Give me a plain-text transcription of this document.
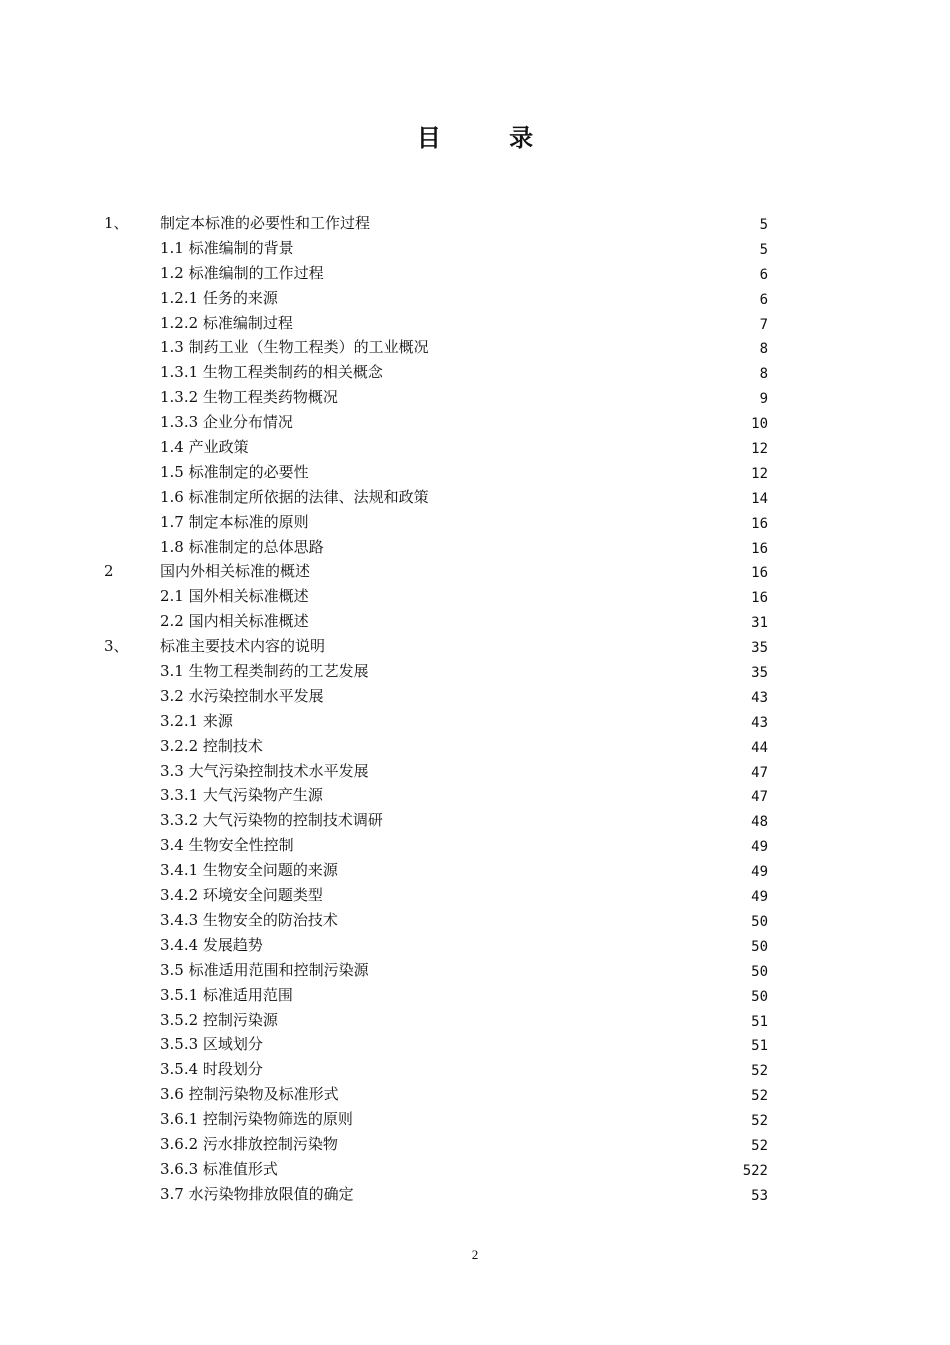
目 录
1、 制定本标准的必要性和工作过程	5
1.1 标准编制的背景	5
1.2 标准编制的工作过程	6
1.2.1 任务的来源	6
1.2.2 标准编制过程	7
1.3 制药工业（生物工程类）的工业概况	8
1.3.1 生物工程类制药的相关概念	8
1.3.2 生物工程类药物概况	9
1.3.3 企业分布情况	10
1.4 产业政策	12
1.5 标准制定的必要性	12
1.6 标准制定所依据的法律、法规和政策	14
1.7 制定本标准的原则	16
1.8 标准制定的总体思路	16
2	国内外相关标准的概述	16
2.1 国外相关标准概述	16
2.2 国内相关标准概述	31
3、 标准主要技术内容的说明	35
3.1 生物工程类制药的工艺发展	35
3.2 水污染控制水平发展	43
3.2.1 来源	43
3.2.2 控制技术	44
3.3 大气污染控制技术水平发展	47
3.3.1 大气污染物产生源	47
3.3.2 大气污染物的控制技术调研	48
3.4 生物安全性控制	49
3.4.1 生物安全问题的来源	49
3.4.2 环境安全问题类型	49
3.4.3 生物安全的防治技术	50
3.4.4 发展趋势	50
3.5 标准适用范围和控制污染源	50
3.5.1 标准适用范围	50
3.5.2 控制污染源	51
3.5.3 区域划分	51
3.5.4 时段划分	52
3.6 控制污染物及标准形式	52
3.6.1 控制污染物筛选的原则	52
3.6.2 污水排放控制污染物	52
3.6.3 标准值形式	522
3.7 水污染物排放限值的确定	53
2
